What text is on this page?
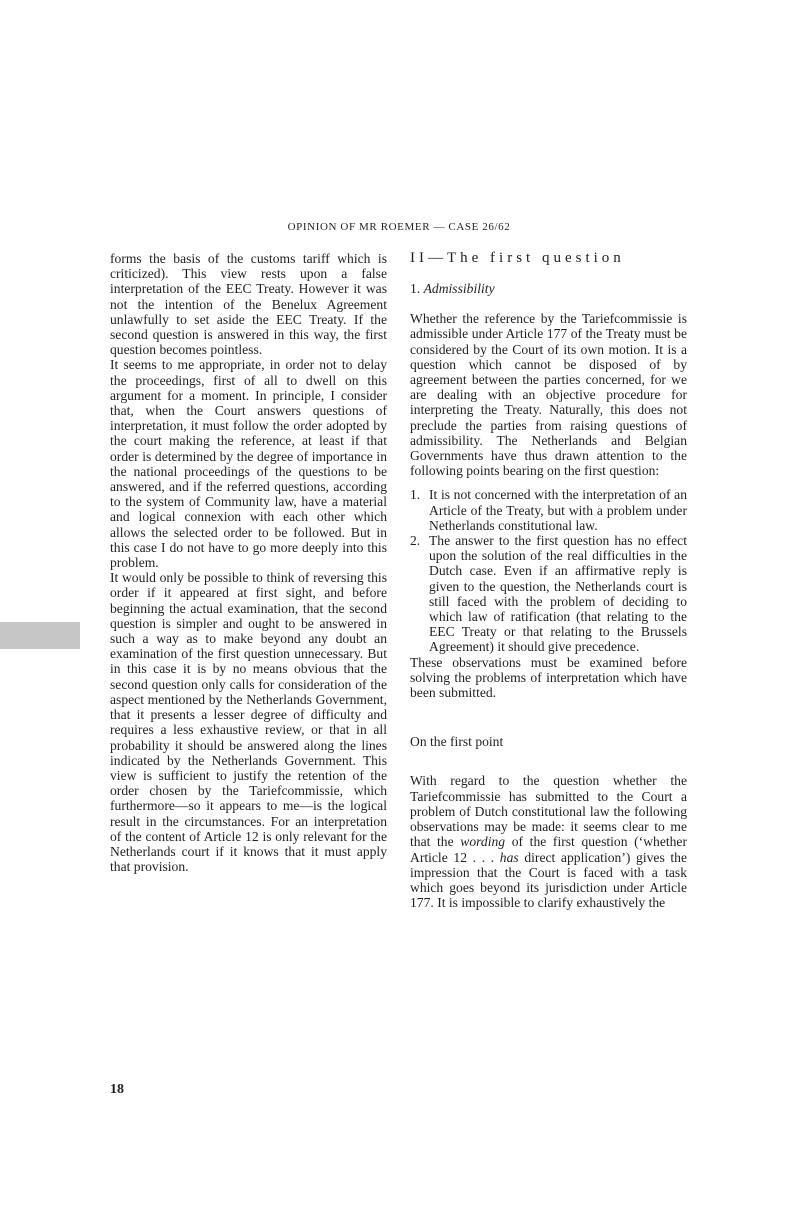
OPINION OF MR ROEMER — CASE 26/62

forms the basis of the customs tariff which is criticized). This view rests upon a false interpretation of the EEC Treaty. However it was not the intention of the Benelux Agreement unlawfully to set aside the EEC Treaty. If the second question is answered in this way, the first question becomes pointless.

It seems to me appropriate, in order not to delay the proceedings, first of all to dwell on this argument for a moment. In principle, I consider that, when the Court answers questions of interpretation, it must follow the order adopted by the court making the reference, at least if that order is determined by the degree of importance in the national proceedings of the questions to be answered, and if the referred questions, according to the system of Community law, have a material and logical connexion with each other which allows the selected order to be followed. But in this case I do not have to go more deeply into this problem.

It would only be possible to think of reversing this order if it appeared at first sight, and before beginning the actual examination, that the second question is simpler and ought to be answered in such a way as to make beyond any doubt an examination of the first question unnecessary. But in this case it is by no means obvious that the second question only calls for consideration of the aspect mentioned by the Netherlands Government, that it presents a lesser degree of difficulty and requires a less exhaustive review, or that in all probability it should be answered along the lines indicated by the Netherlands Government. This view is sufficient to justify the retention of the order chosen by the Tariefcommissie, which furthermore—so it appears to me—is the logical result in the circumstances. For an interpretation of the content of Article 12 is only relevant for the Netherlands court if it knows that it must apply that provision.

II—The first question
1. Admissibility

Whether the reference by the Tariefcommissie is admissible under Article 177 of the Treaty must be considered by the Court of its own motion. It is a question which cannot be disposed of by agreement between the parties concerned, for we are dealing with an objective procedure for interpreting the Treaty. Naturally, this does not preclude the parties from raising questions of admissibility. The Netherlands and Belgian Governments have thus drawn attention to the following points bearing on the first question:

1. It is not concerned with the interpretation of an Article of the Treaty, but with a problem under Netherlands constitutional law.
2. The answer to the first question has no effect upon the solution of the real difficulties in the Dutch case. Even if an affirmative reply is given to the question, the Netherlands court is still faced with the problem of deciding to which law of ratification (that relating to the EEC Treaty or that relating to the Brussels Agreement) it should give precedence.

These observations must be examined before solving the problems of interpretation which have been submitted.

On the first point

With regard to the question whether the Tariefcommissie has submitted to the Court a problem of Dutch constitutional law the following observations may be made: it seems clear to me that the wording of the first question (‘whether Article 12 . . . has direct application’) gives the impression that the Court is faced with a task which goes beyond its jurisdiction under Article 177. It is impossible to clarify exhaustively the

18
